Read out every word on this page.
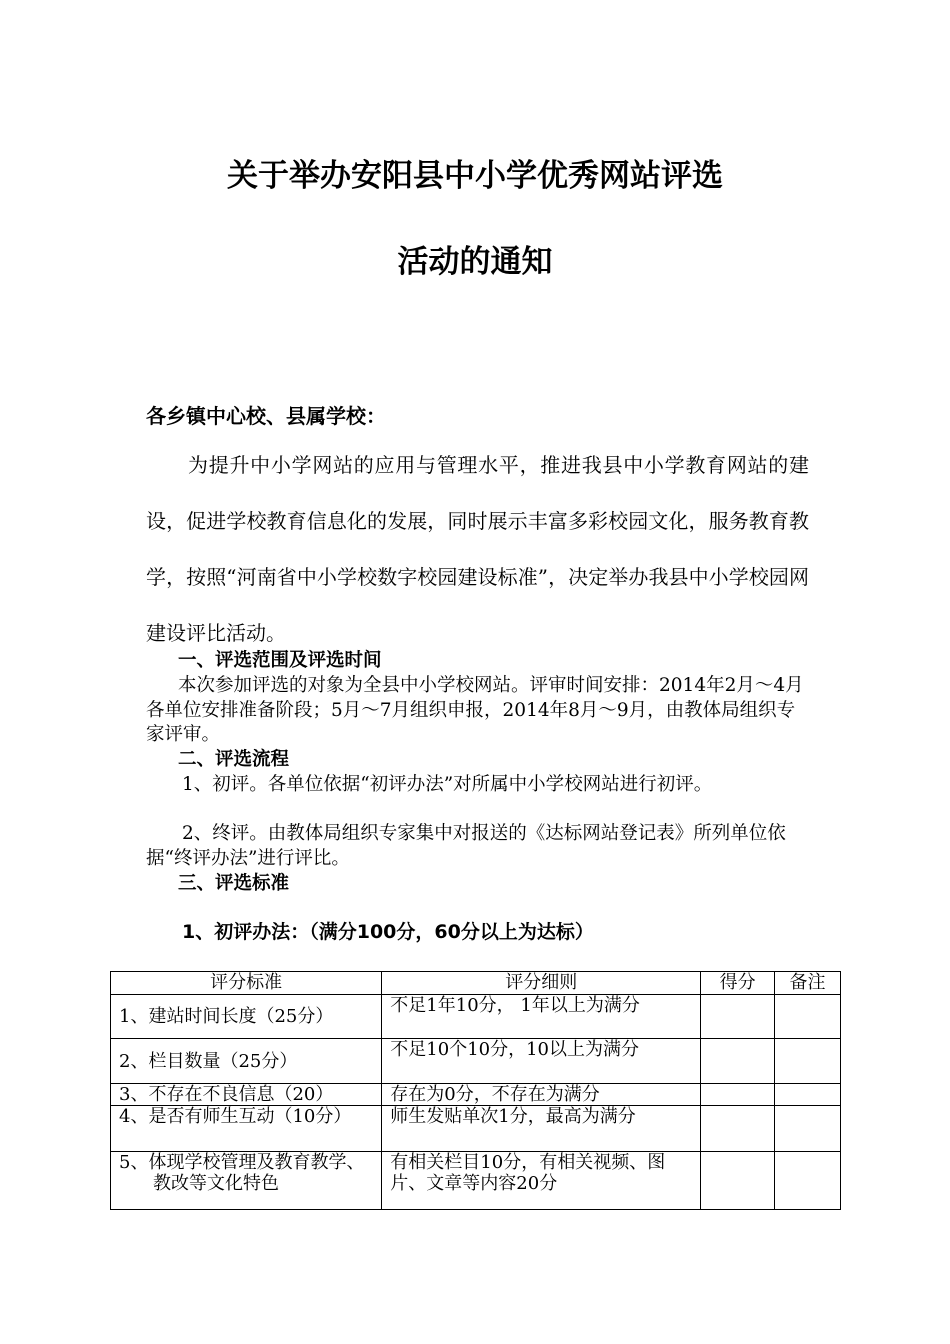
关于举办安阳县中小学优秀网站评选
活动的通知

各乡镇中心校、县属学校：

为提升中小学网站的应用与管理水平，推进我县中小学教育网站的建设，促进学校教育信息化的发展，同时展示丰富多彩校园文化，服务教育教学，按照“河南省中小学校数字校园建设标准”，决定举办我县中小学校园网建设评比活动。

一、评选范围及评选时间

本次参加评选的对象为全县中小学校网站。评审时间安排：2014年2月～4月各单位安排准备阶段；5月～7月组织申报，2014年8月～9月，由教体局组织专家评审。

二、评选流程

1、初评。各单位依据“初评办法”对所属中小学校网站进行初评。

2、终评。由教体局组织专家集中对报送的《达标网站登记表》所列单位依据“终评办法”进行评比。

三、评选标准

1、初评办法：（满分100分，60分以上为达标）

评分标准	评分细则	得分	备注
1、建站时间长度（25分）	不足1年10分， 1年以上为满分		
2、栏目数量（25分）	不足10个10分，10以上为满分		
3、不存在不良信息（20）	存在为0分，不存在为满分		
4、是否有师生互动（10分）	师生发贴单次1分，最高为满分		
5、体现学校管理及教育教学、教改等文化特色	有相关栏目10分，有相关视频、图片、文章等内容20分		
